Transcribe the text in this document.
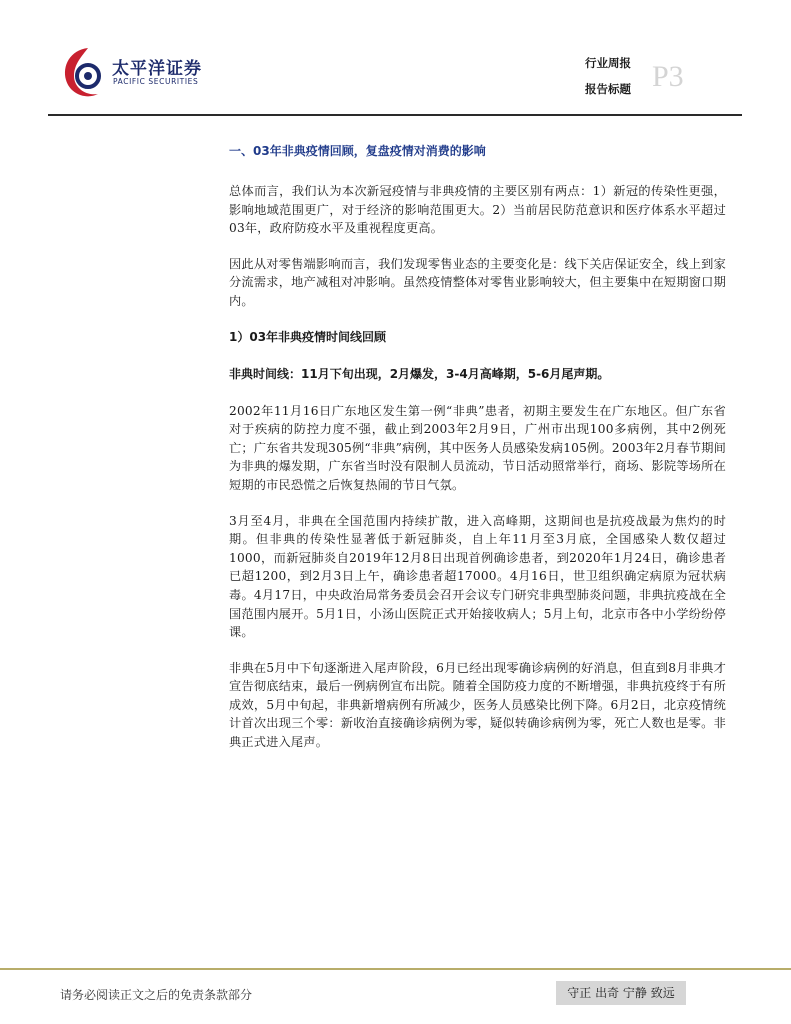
太平洋证券
PACIFIC SECURITIES
行业周报
报告标题 P3
一、03年非典疫情回顾，复盘疫情对消费的影响

总体而言，我们认为本次新冠疫情与非典疫情的主要区别有两点：1）新冠的传染性更强，影响地域范围更广，对于经济的影响范围更大。2）当前居民防范意识和医疗体系水平超过03年，政府防疫水平及重视程度更高。

因此从对零售端影响而言，我们发现零售业态的主要变化是：线下关店保证安全，线上到家分流需求，地产减租对冲影响。虽然疫情整体对零售业影响较大，但主要集中在短期窗口期内。

1）03年非典疫情时间线回顾
非典时间线：11月下旬出现，2月爆发，3-4月高峰期，5-6月尾声期。

2002年11月16日广东地区发生第一例“非典”患者，初期主要发生在广东地区。但广东省对于疾病的防控力度不强，截止到2003年2月9日，广州市出现100多病例，其中2例死亡；广东省共发现305例“非典”病例，其中医务人员感染发病105例。2003年2月春节期间为非典的爆发期，广东省当时没有限制人员流动，节日活动照常举行，商场、影院等场所在短期的市民恐慌之后恢复热闹的节日气氛。

3月至4月，非典在全国范围内持续扩散，进入高峰期，这期间也是抗疫战最为焦灼的时期。但非典的传染性显著低于新冠肺炎，自上年11月至3月底，全国感染人数仅超过1000，而新冠肺炎自2019年12月8日出现首例确诊患者，到2020年1月24日，确诊患者已超1200，到2月3日上午，确诊患者超17000。4月16日，世卫组织确定病原为冠状病毒。4月17日，中央政治局常务委员会召开会议专门研究非典型肺炎问题，非典抗疫战在全国范围内展开。5月1日，小汤山医院正式开始接收病人；5月上旬，北京市各中小学纷纷停课。

非典在5月中下旬逐渐进入尾声阶段，6月已经出现零确诊病例的好消息，但直到8月非典才宣告彻底结束，最后一例病例宣布出院。随着全国防疫力度的不断增强，非典抗疫终于有所成效，5月中旬起，非典新增病例有所减少，医务人员感染比例下降。6月2日，北京疫情统计首次出现三个零：新收治直接确诊病例为零，疑似转确诊病例为零，死亡人数也是零。非典正式进入尾声。

请务必阅读正文之后的免责条款部分	守正 出奇 宁静 致远
